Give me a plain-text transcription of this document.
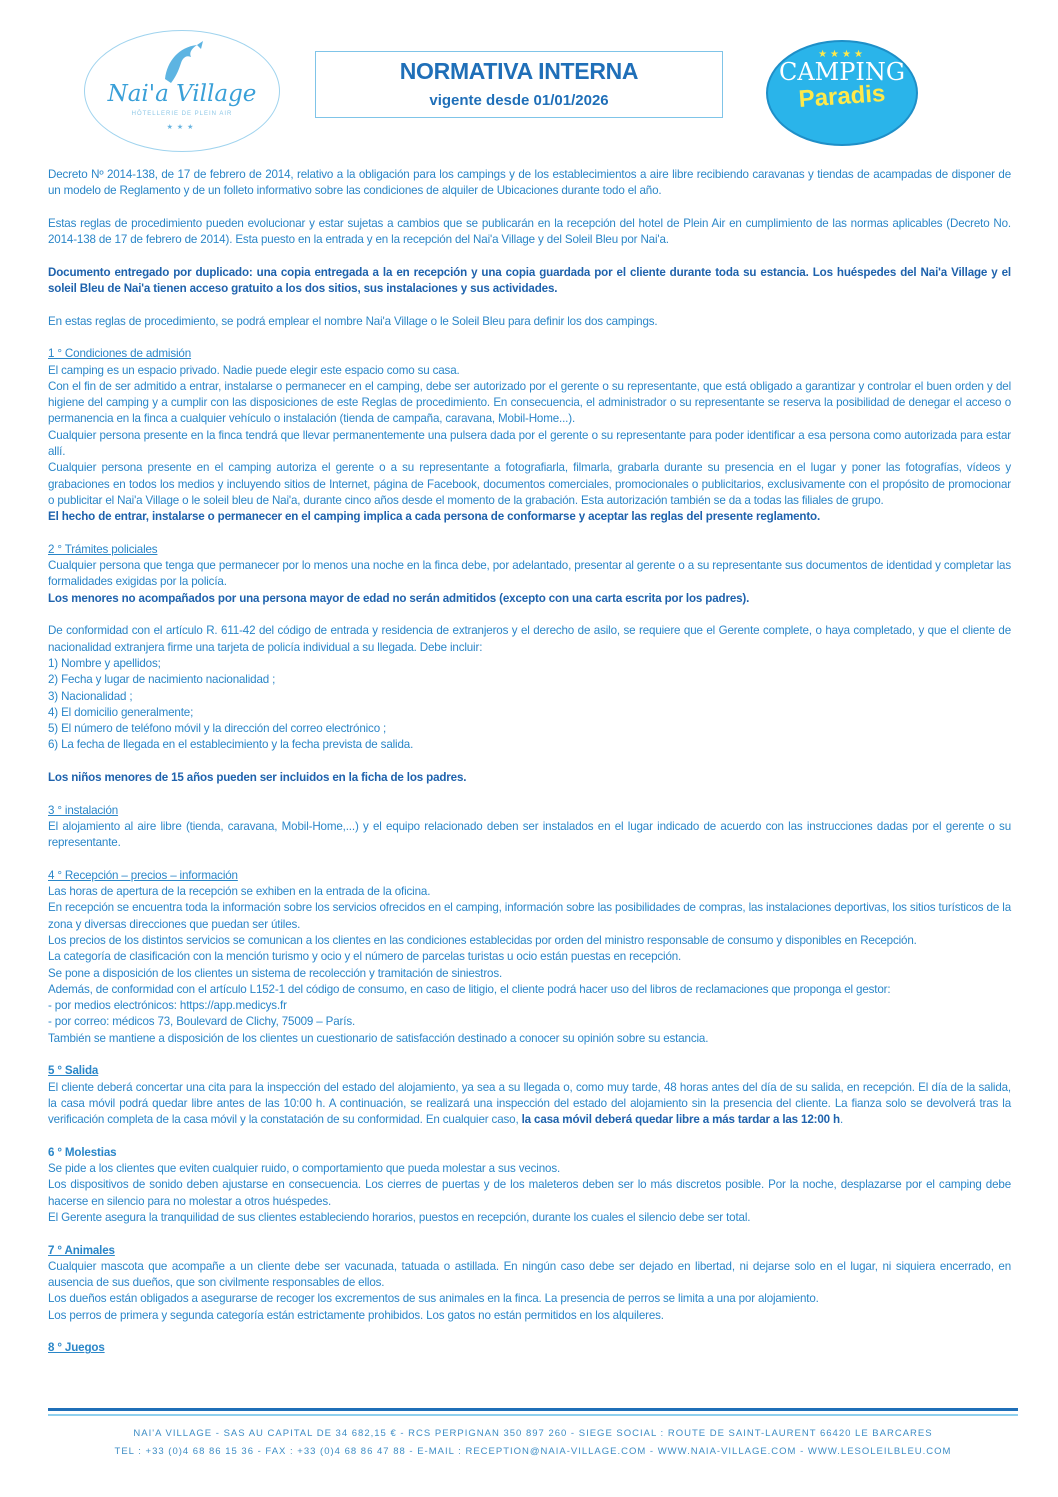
Nai'a Village
HÔTELLERIE DE PLEIN AIR
★★★
NORMATIVA INTERNA
vigente desde 01/01/2026
★★★★
CAMPING
Paradis

Decreto Nº 2014-138, de 17 de febrero de 2014, relativo a la obligación para los campings y de los establecimientos a aire libre recibiendo caravanas y tiendas de acampadas de disponer de un modelo de Reglamento y de un folleto informativo sobre las condiciones de alquiler de Ubicaciones durante todo el año.

Estas reglas de procedimiento pueden evolucionar y estar sujetas a cambios que se publicarán en la recepción del hotel de Plein Air en cumplimiento de las normas aplicables (Decreto No. 2014-138 de 17 de febrero de 2014). Esta puesto en la entrada y en la recepción del Nai'a Village y del Soleil Bleu por Nai'a.

Documento entregado por duplicado: una copia entregada a la en recepción y una copia guardada por el cliente durante toda su estancia. Los huéspedes del Nai'a Village y el soleil Bleu de Nai'a tienen acceso gratuito a los dos sitios, sus instalaciones y sus actividades.

En estas reglas de procedimiento, se podrá emplear el nombre Nai'a Village o le Soleil Bleu para definir los dos campings.

1 ° Condiciones de admisión

El camping es un espacio privado. Nadie puede elegir este espacio como su casa.

Con el fin de ser admitido a entrar, instalarse o permanecer en el camping, debe ser autorizado por el gerente o su representante, que está obligado a garantizar y controlar el buen orden y del higiene del camping y a cumplir con las disposiciones de este Reglas de procedimiento. En consecuencia, el administrador o su representante se reserva la posibilidad de denegar el acceso o permanencia en la finca a cualquier vehículo o instalación (tienda de campaña, caravana, Mobil-Home...).

Cualquier persona presente en la finca tendrá que llevar permanentemente una pulsera dada por el gerente o su representante para poder identificar a esa persona como autorizada para estar allí.

Cualquier persona presente en el camping autoriza el gerente o a su representante a fotografiarla, filmarla, grabarla durante su presencia en el lugar y poner las fotografías, vídeos y grabaciones en todos los medios y incluyendo sitios de Internet, página de Facebook, documentos comerciales, promocionales o publicitarios, exclusivamente con el propósito de promocionar o publicitar el Nai'a Village o le soleil bleu de Nai'a, durante cinco años desde el momento de la grabación. Esta autorización también se da a todas las filiales de grupo.

El hecho de entrar, instalarse o permanecer en el camping implica a cada persona de conformarse y aceptar las reglas del presente reglamento.

2 ° Trámites policiales

Cualquier persona que tenga que permanecer por lo menos una noche en la finca debe, por adelantado, presentar al gerente o a su representante sus documentos de identidad y completar las formalidades exigidas por la policía.

Los menores no acompañados por una persona mayor de edad no serán admitidos (excepto con una carta escrita por los padres).

De conformidad con el artículo R. 611-42 del código de entrada y residencia de extranjeros y el derecho de asilo, se requiere que el Gerente complete, o haya completado, y que el cliente de nacionalidad extranjera firme una tarjeta de policía individual a su llegada. Debe incluir:

1) Nombre y apellidos;

2) Fecha y lugar de nacimiento nacionalidad ;

3) Nacionalidad ;

4) El domicilio generalmente;

5) El número de teléfono móvil y la dirección del correo electrónico ;

6) La fecha de llegada en el establecimiento y la fecha prevista de salida.

Los niños menores de 15 años pueden ser incluidos en la ficha de los padres.

3 ° instalación

El alojamiento al aire libre (tienda, caravana, Mobil-Home,...) y el equipo relacionado deben ser instalados en el lugar indicado de acuerdo con las instrucciones dadas por el gerente o su representante.

4 ° Recepción – precios – información

Las horas de apertura de la recepción se exhiben en la entrada de la oficina.

En recepción se encuentra toda la información sobre los servicios ofrecidos en el camping, información sobre las posibilidades de compras, las instalaciones deportivas, los sitios turísticos de la zona y diversas direcciones que puedan ser útiles.

Los precios de los distintos servicios se comunican a los clientes en las condiciones establecidas por orden del ministro responsable de consumo y disponibles en Recepción.

La categoría de clasificación con la mención turismo y ocio y el número de parcelas turistas u ocio están puestas en recepción.

Se pone a disposición de los clientes un sistema de recolección y tramitación de siniestros.

Además, de conformidad con el artículo L152-1 del código de consumo, en caso de litigio, el cliente podrá hacer uso del libros de reclamaciones que proponga el gestor:

- por medios electrónicos: https://app.medicys.fr

- por correo: médicos 73, Boulevard de Clichy, 75009 – París.

También se mantiene a disposición de los clientes un cuestionario de satisfacción destinado a conocer su opinión sobre su estancia.

5 ° Salida

El cliente deberá concertar una cita para la inspección del estado del alojamiento, ya sea a su llegada o, como muy tarde, 48 horas antes del día de su salida, en recepción. El día de la salida, la casa móvil podrá quedar libre antes de las 10:00 h. A continuación, se realizará una inspección del estado del alojamiento sin la presencia del cliente. La fianza solo se devolverá tras la verificación completa de la casa móvil y la constatación de su conformidad. En cualquier caso, la casa móvil deberá quedar libre a más tardar a las 12:00 h.

6 ° Molestias

Se pide a los clientes que eviten cualquier ruido, o comportamiento que pueda molestar a sus vecinos.

Los dispositivos de sonido deben ajustarse en consecuencia. Los cierres de puertas y de los maleteros deben ser lo más discretos posible. Por la noche, desplazarse por el camping debe hacerse en silencio para no molestar a otros huéspedes.

El Gerente asegura la tranquilidad de sus clientes estableciendo horarios, puestos en recepción, durante los cuales el silencio debe ser total.

7 ° Animales

Cualquier mascota que acompañe a un cliente debe ser vacunada, tatuada o astillada. En ningún caso debe ser dejado en libertad, ni dejarse solo en el lugar, ni siquiera encerrado, en ausencia de sus dueños, que son civilmente responsables de ellos.

Los dueños están obligados a asegurarse de recoger los excrementos de sus animales en la finca. La presencia de perros se limita a una por alojamiento.

Los perros de primera y segunda categoría están estrictamente prohibidos. Los gatos no están permitidos en los alquileres.

8 ° Juegos

NAI'A VILLAGE - SAS AU CAPITAL DE 34 682,15 € - RCS PERPIGNAN 350 897 260 - SIEGE SOCIAL : ROUTE DE SAINT-LAURENT 66420 LE BARCARES
TEL : +33 (0)4 68 86 15 36 - FAX : +33 (0)4 68 86 47 88 - E-MAIL : RECEPTION@NAIA-VILLAGE.COM - WWW.NAIA-VILLAGE.COM - WWW.LESOLEILBLEU.COM
